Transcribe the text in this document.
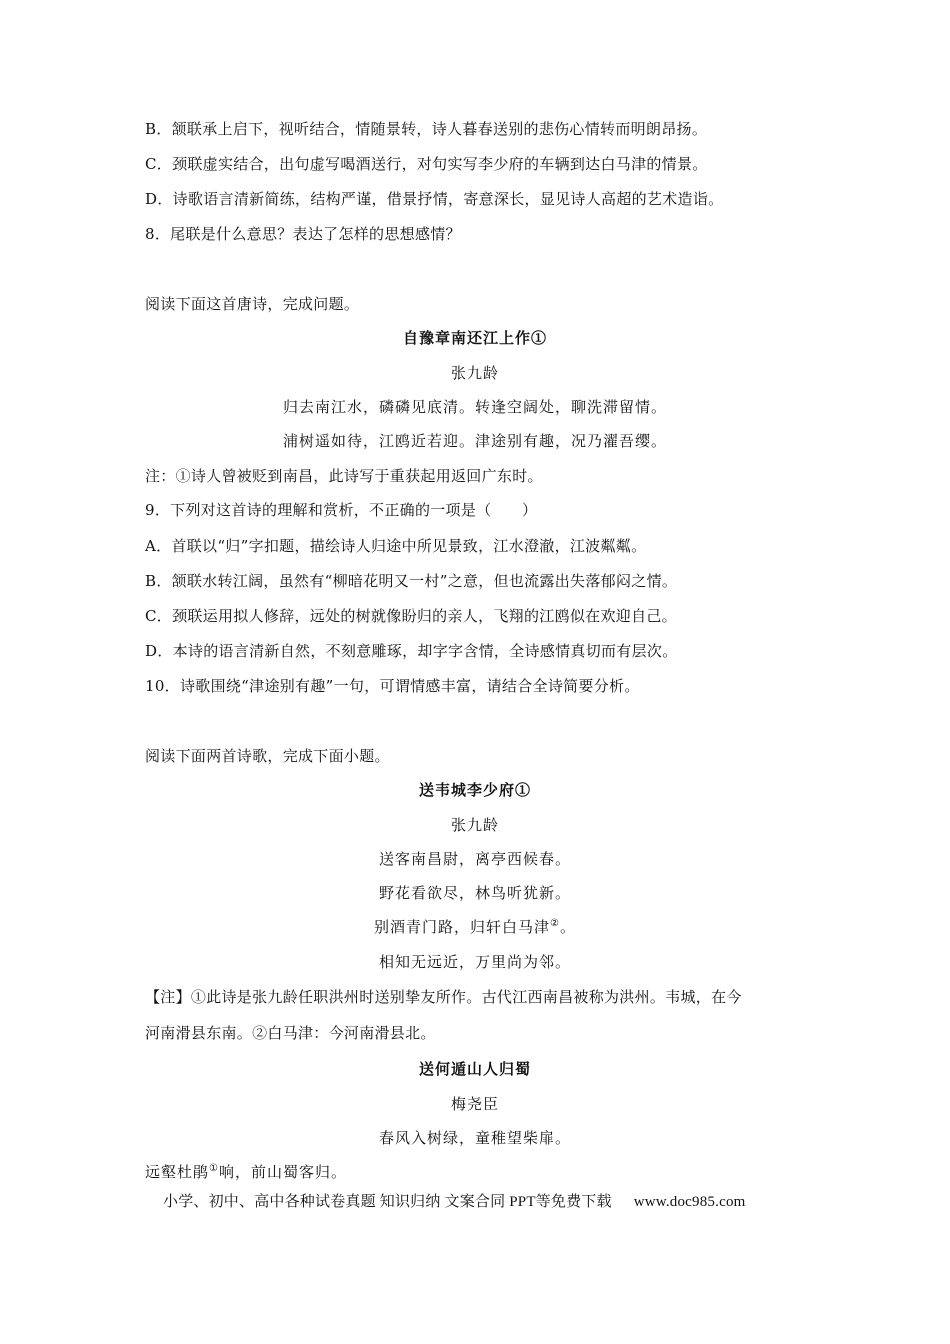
B．颔联承上启下，视听结合，情随景转，诗人暮春送别的悲伤心情转而明朗昂扬。
C．颈联虚实结合，出句虚写喝酒送行，对句实写李少府的车辆到达白马津的情景。
D．诗歌语言清新简练，结构严谨，借景抒情，寄意深长，显见诗人高超的艺术造诣。
8．尾联是什么意思？表达了怎样的思想感情？
阅读下面这首唐诗，完成问题。
自豫章南还江上作①
张九龄
归去南江水，磷磷见底清。转逢空阔处，聊洗滞留情。
浦树遥如待，江鸥近若迎。津途别有趣，况乃濯吾缨。
注：①诗人曾被贬到南昌，此诗写于重获起用返回广东时。
9．下列对这首诗的理解和赏析，不正确的一项是（　　）
A．首联以“归”字扣题，描绘诗人归途中所见景致，江水澄澈，江波粼粼。
B．颔联水转江阔，虽然有“柳暗花明又一村”之意，但也流露出失落郁闷之情。
C．颈联运用拟人修辞，远处的树就像盼归的亲人，飞翔的江鸥似在欢迎自己。
D．本诗的语言清新自然，不刻意雕琢，却字字含情，全诗感情真切而有层次。
10．诗歌围绕“津途别有趣”一句，可谓情感丰富，请结合全诗简要分析。
阅读下面两首诗歌，完成下面小题。
送韦城李少府①
张九龄
送客南昌尉，离亭西候春。
野花看欲尽，林鸟听犹新。
别酒青门路，归轩白马津②。
相知无远近，万里尚为邻。
【注】①此诗是张九龄任职洪州时送别挚友所作。古代江西南昌被称为洪州。韦城，在今
河南滑县东南。②白马津：今河南滑县北。
送何遁山人归蜀
梅尧臣
春风入树绿，童稚望柴扉。
远壑杜鹃①响，前山蜀客归。
小学、初中、高中各种试卷真题 知识归纳 文案合同 PPT等免费下载 www.doc985.com
